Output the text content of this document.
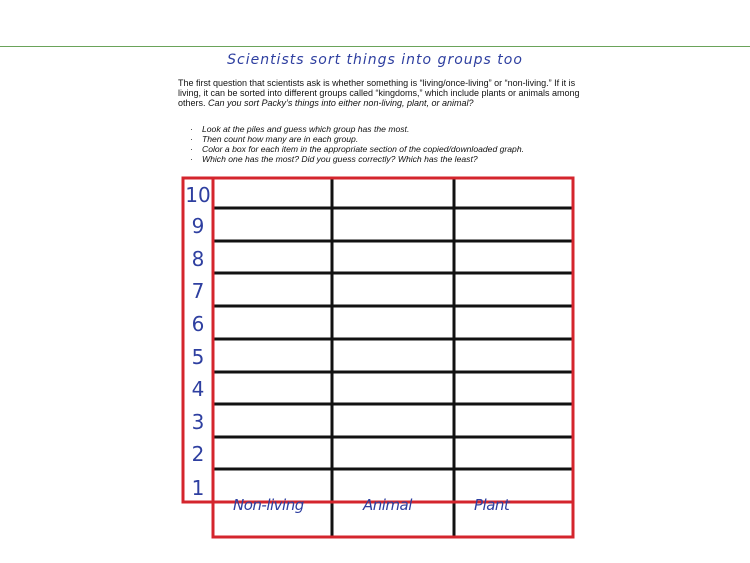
Scientists sort things into groups too
The first question that scientists ask is whether something is “living/once-living” or “non-living.” If it is living, it can be sorted into different groups called “kingdoms,” which include plants or animals among others. Can you sort Packy’s things into either non-living, plant, or animal?
· Look at the piles and guess which group has the most.
· Then count how many are in each group.
· Color a box for each item in the appropriate section of the copied/downloaded graph.
· Which one has the most? Did you guess correctly? Which has the least?
10
9
8
7
6
5
4
3
2
1
Non-living	Animal	Plant
